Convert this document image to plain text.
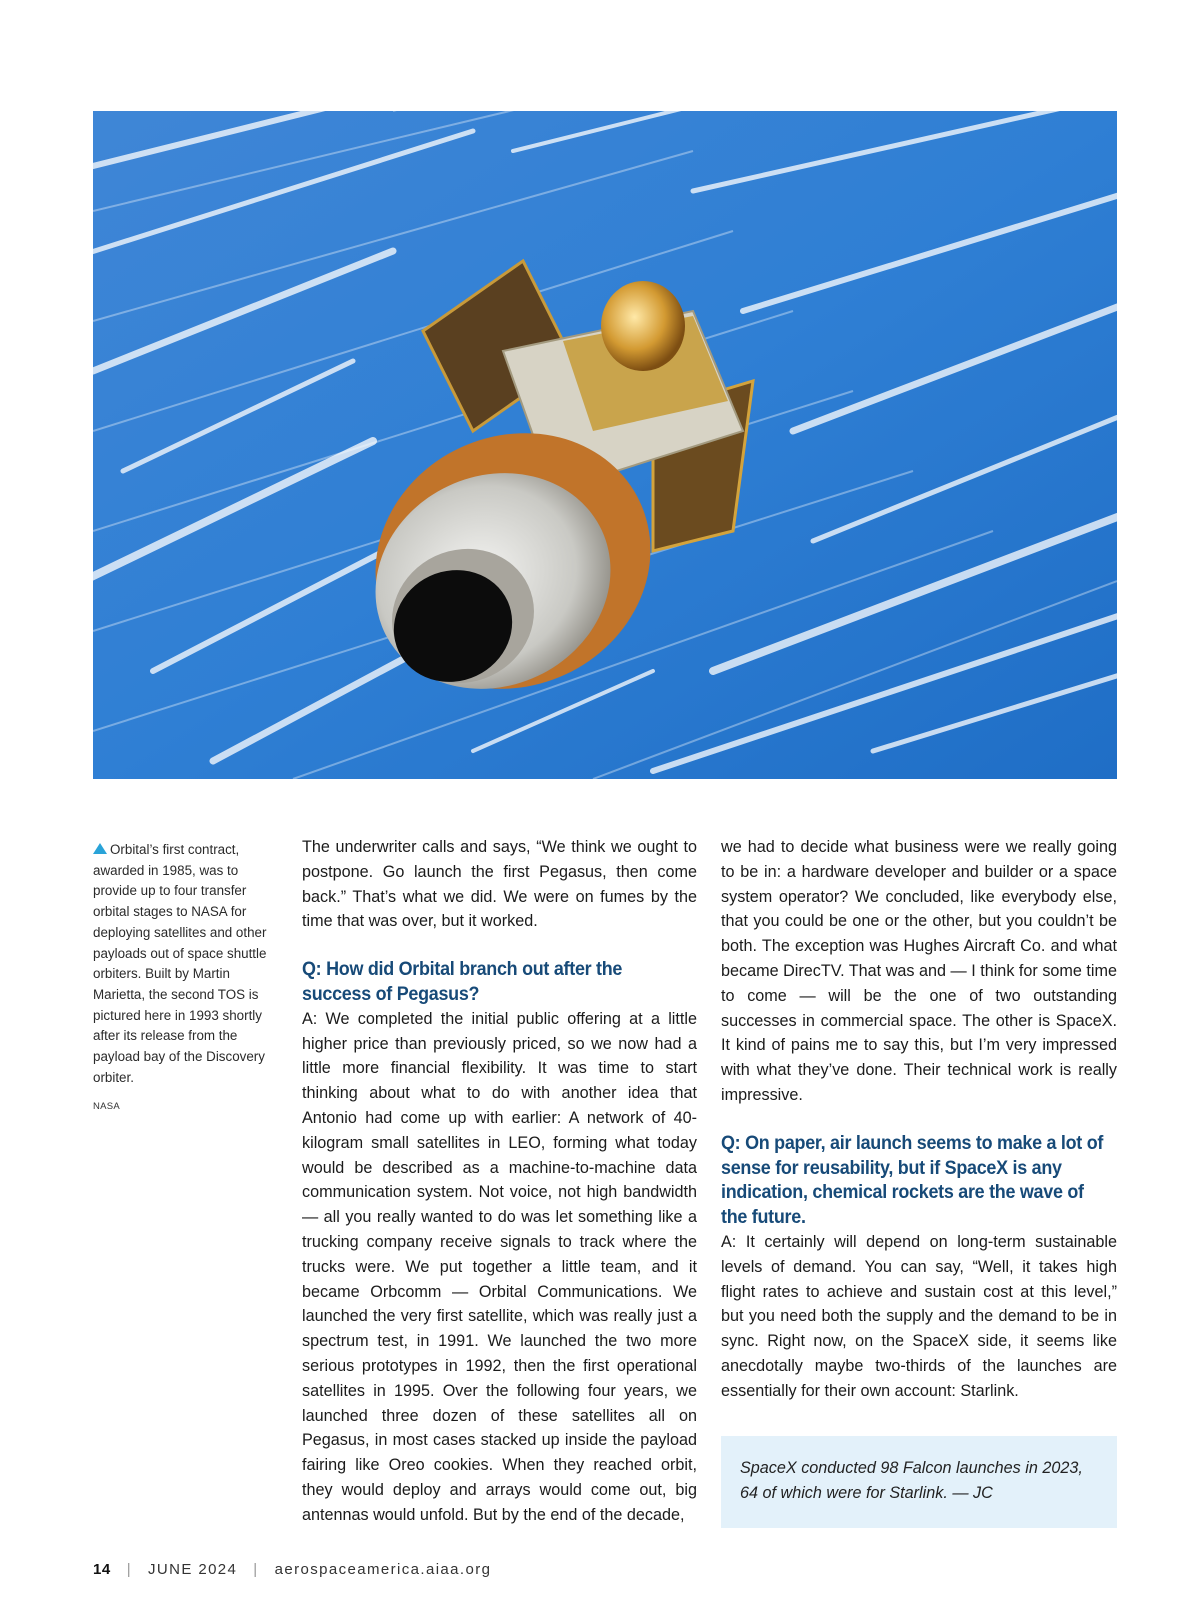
Orbital’s first contract, awarded in 1985, was to provide up to four transfer orbital stages to NASA for deploying satellites and other payloads out of space shuttle orbiters. Built by Martin Marietta, the second TOS is pictured here in 1993 shortly after its release from the payload bay of the Discovery orbiter.
NASA

The underwriter calls and says, “We think we ought to postpone. Go launch the first Pegasus, then come back.” That’s what we did. We were on fumes by the time that was over, but it worked.

Q: How did Orbital branch out after the success of Pegasus?

A: We completed the initial public offering at a little higher price than previously priced, so we now had a little more financial flexibility. It was time to start thinking about what to do with another idea that Antonio had come up with earlier: A network of 40-kilogram small satellites in LEO, forming what today would be described as a machine-to-machine data communication system. Not voice, not high bandwidth — all you really wanted to do was let something like a trucking company receive signals to track where the trucks were. We put together a little team, and it became Orbcomm — Orbital Communications. We launched the very first satellite, which was really just a spectrum test, in 1991. We launched the two more serious prototypes in 1992, then the first operational satellites in 1995. Over the following four years, we launched three dozen of these satellites all on Pegasus, in most cases stacked up inside the payload fairing like Oreo cookies. When they reached orbit, they would deploy and arrays would come out, big antennas would unfold. But by the end of the decade,

we had to decide what business were we really going to be in: a hardware developer and builder or a space system operator? We concluded, like everybody else, that you could be one or the other, but you couldn’t be both. The exception was Hughes Aircraft Co. and what became DirecTV. That was and — I think for some time to come — will be the one of two outstanding successes in commercial space. The other is SpaceX. It kind of pains me to say this, but I’m very impressed with what they’ve done. Their technical work is really impressive.

Q: On paper, air launch seems to make a lot of sense for reusability, but if SpaceX is any indication, chemical rockets are the wave of the future.

A: It certainly will depend on long-term sustainable levels of demand. You can say, “Well, it takes high flight rates to achieve and sustain cost at this level,” but you need both the supply and the demand to be in sync. Right now, on the SpaceX side, it seems like anecdotally maybe two-thirds of the launches are essentially for their own account: Starlink.

SpaceX conducted 98 Falcon launches in 2023, 64 of which were for Starlink. — JC

14 | JUNE 2024 | aerospaceamerica.aiaa.org
